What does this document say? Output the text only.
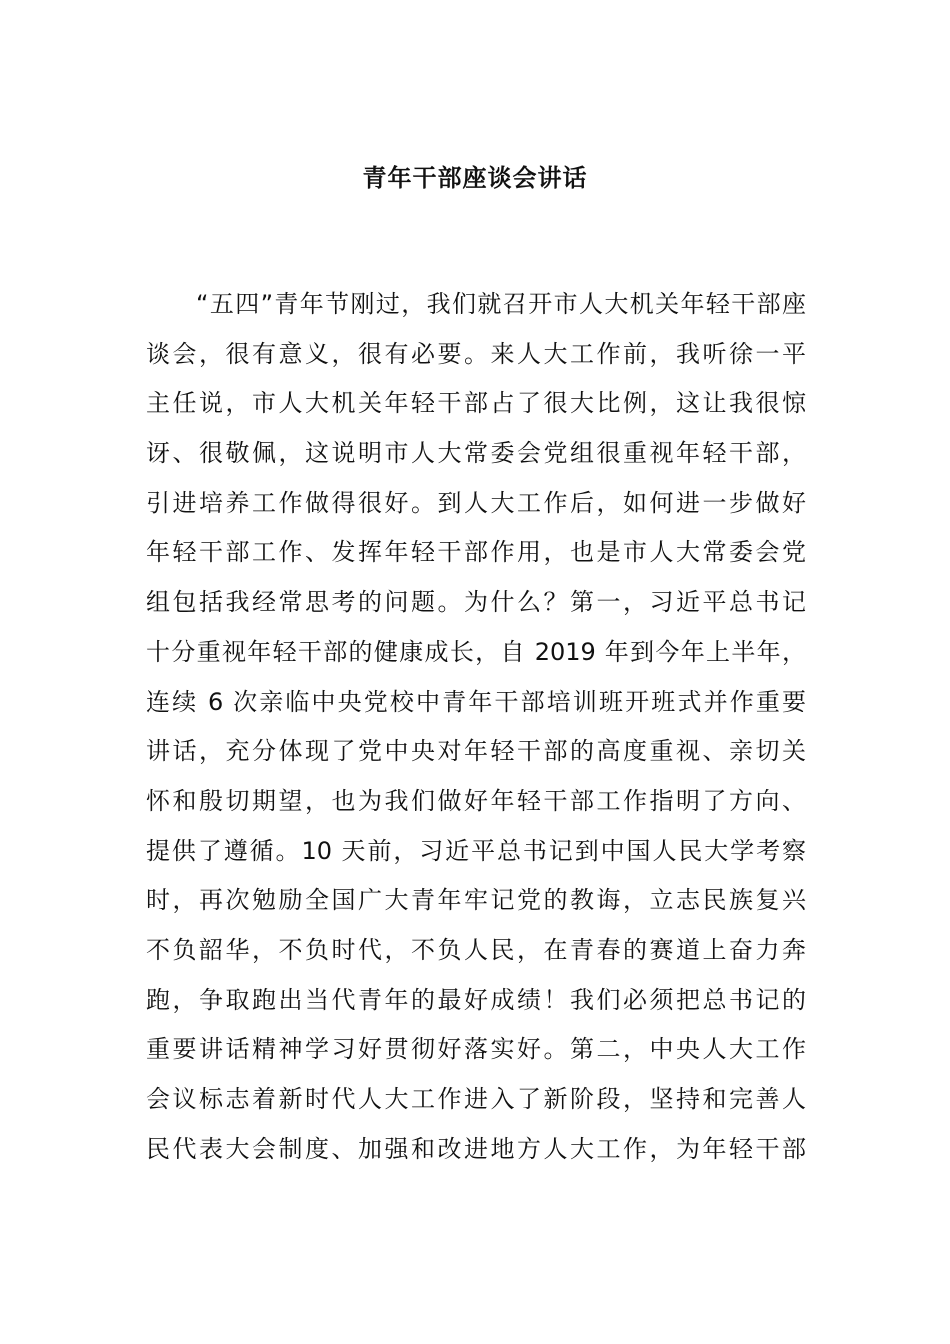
青年干部座谈会讲话
“五四”青年节刚过，我们就召开市人大机关年轻干部座
谈会，很有意义，很有必要。来人大工作前，我听徐一平
主任说，市人大机关年轻干部占了很大比例，这让我很惊
讶、很敬佩，这说明市人大常委会党组很重视年轻干部，
引进培养工作做得很好。到人大工作后，如何进一步做好
年轻干部工作、发挥年轻干部作用，也是市人大常委会党
组包括我经常思考的问题。为什么？第一，习近平总书记
十分重视年轻干部的健康成长，自 2019 年到今年上半年，
连续 6 次亲临中央党校中青年干部培训班开班式并作重要
讲话，充分体现了党中央对年轻干部的高度重视、亲切关
怀和殷切期望，也为我们做好年轻干部工作指明了方向、
提供了遵循。10 天前，习近平总书记到中国人民大学考察
时，再次勉励全国广大青年牢记党的教诲，立志民族复兴
不负韶华，不负时代，不负人民，在青春的赛道上奋力奔
跑，争取跑出当代青年的最好成绩！我们必须把总书记的
重要讲话精神学习好贯彻好落实好。第二，中央人大工作
会议标志着新时代人大工作进入了新阶段，坚持和完善人
民代表大会制度、加强和改进地方人大工作，为年轻干部
